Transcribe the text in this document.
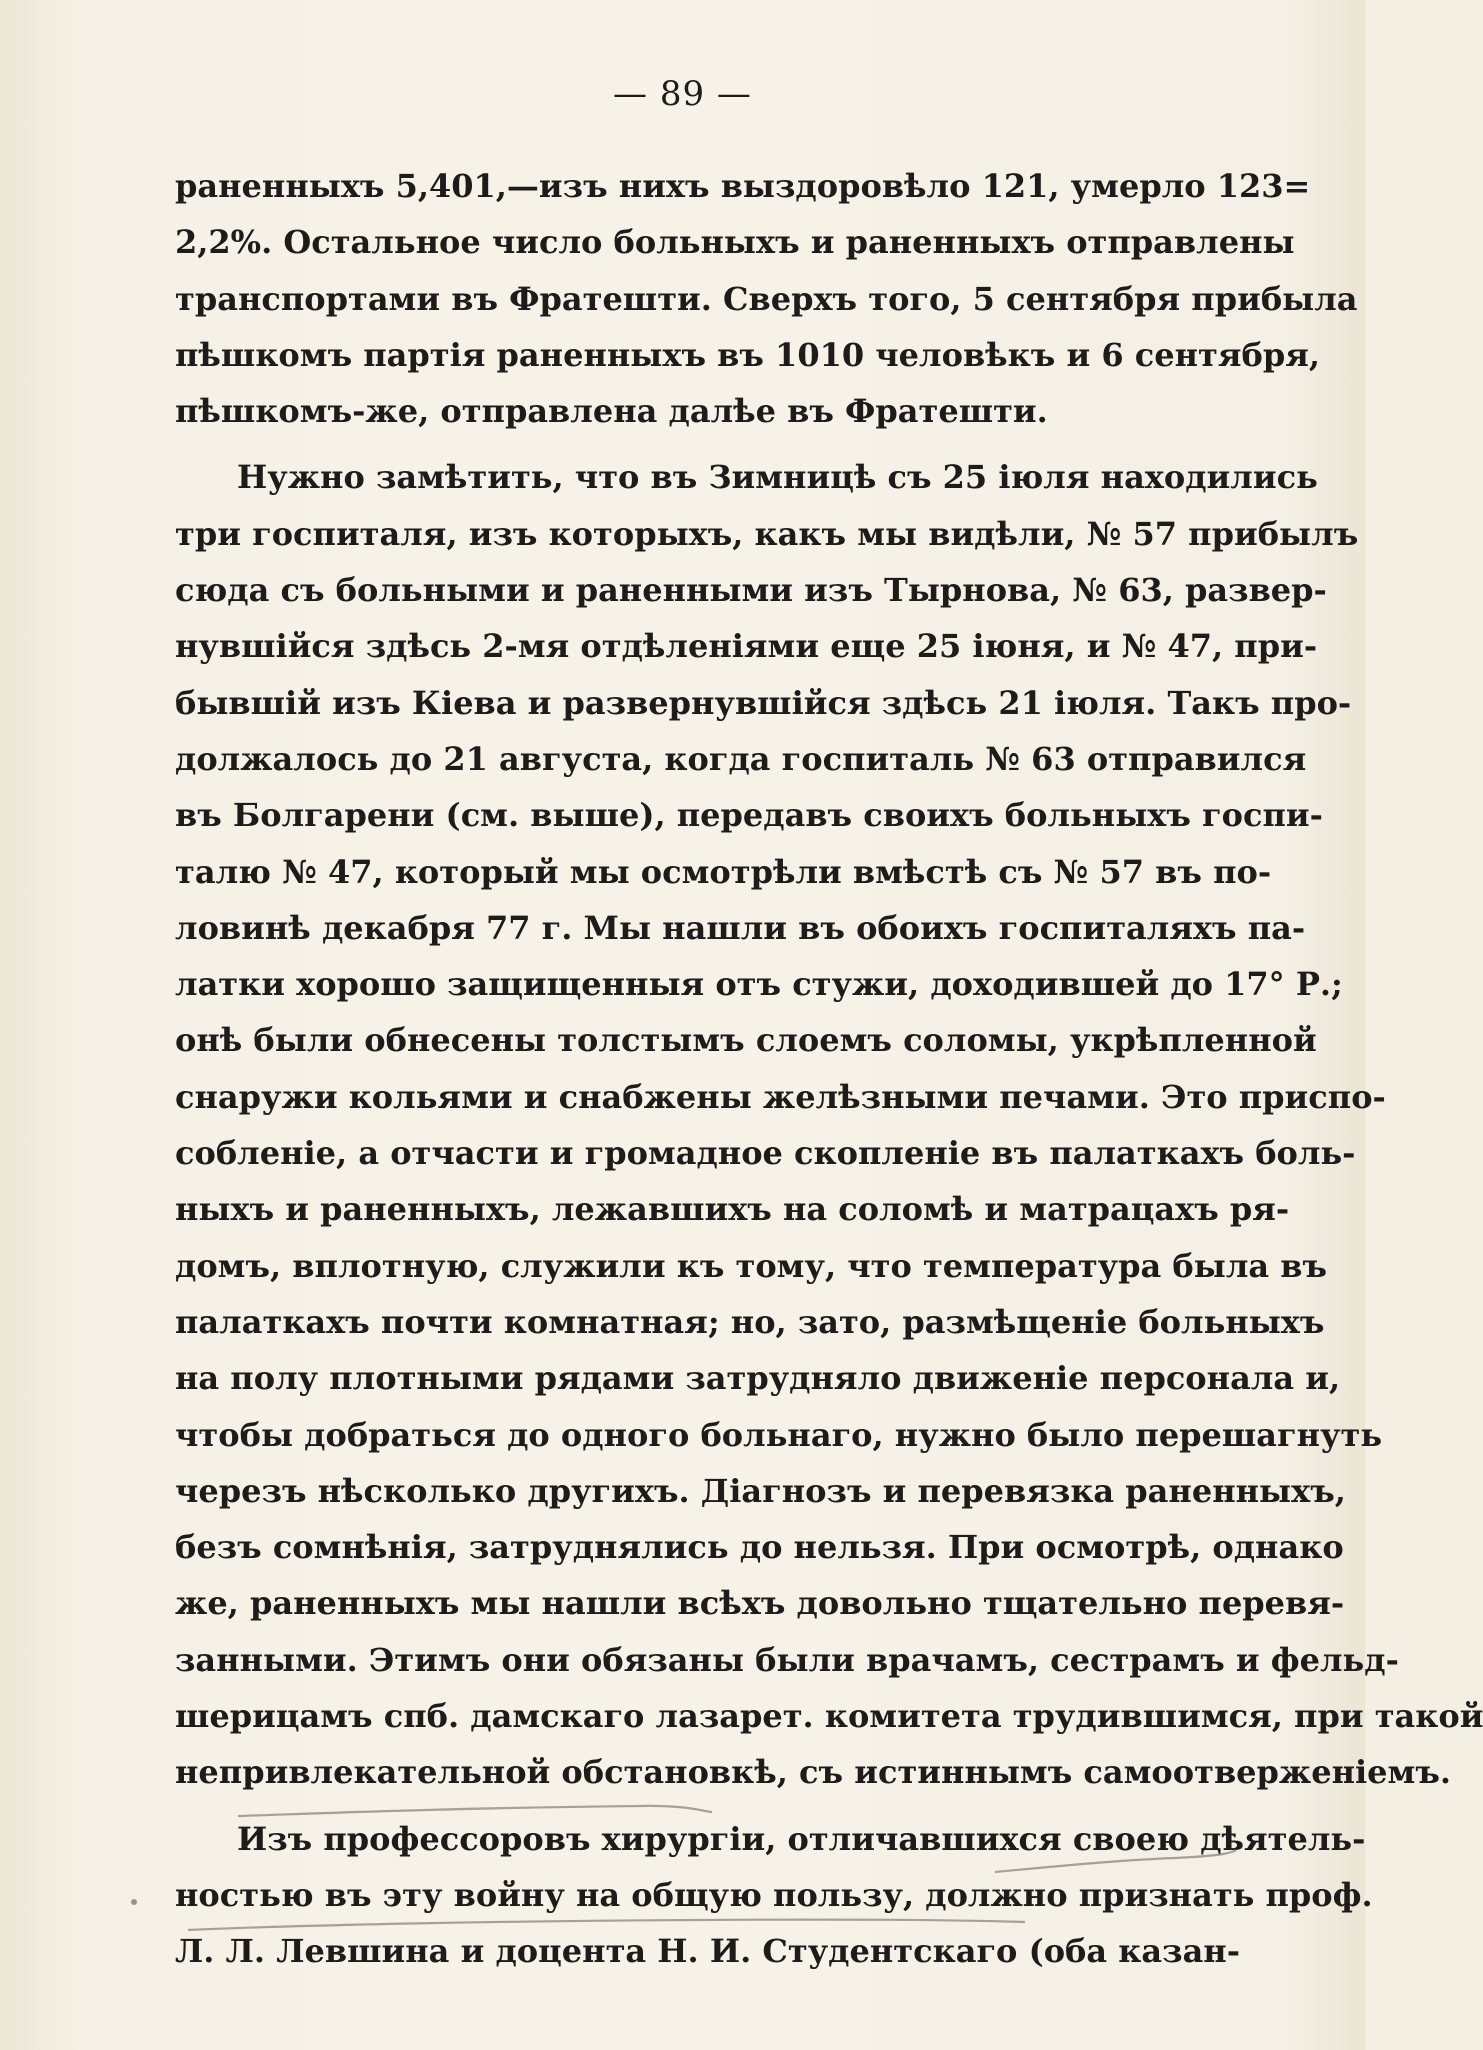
— 89 —
раненныхъ 5,401,—изъ нихъ выздоровѣло 121, умерло 123=
2,2%. Остальное число больныхъ и раненныхъ отправлены
транспортами въ Фратешти. Сверхъ того, 5 сентября прибыла
пѣшкомъ партія раненныхъ въ 1010 человѣкъ и 6 сентября,
пѣшкомъ-же, отправлена далѣе въ Фратешти.
Нужно замѣтить, что въ Зимницѣ съ 25 іюля находились
три госпиталя, изъ которыхъ, какъ мы видѣли, № 57 прибылъ
сюда съ больными и раненными изъ Тырнова, № 63, развер-
нувшійся здѣсь 2-мя отдѣленіями еще 25 іюня, и № 47, при-
бывшій изъ Кіева и развернувшійся здѣсь 21 іюля. Такъ про-
должалось до 21 августа, когда госпиталь № 63 отправился
въ Болгарени (см. выше), передавъ своихъ больныхъ госпи-
талю № 47, который мы осмотрѣли вмѣстѣ съ № 57 въ по-
ловинѣ декабря 77 г. Мы нашли въ обоихъ госпиталяхъ па-
латки хорошо защищенныя отъ стужи, доходившей до 17° Р.;
онѣ были обнесены толстымъ слоемъ соломы, укрѣпленной
снаружи кольями и снабжены желѣзными печами. Это приспо-
собленіе, а отчасти и громадное скопленіе въ палаткахъ боль-
ныхъ и раненныхъ, лежавшихъ на соломѣ и матрацахъ ря-
домъ, вплотную, служили къ тому, что температура была въ
палаткахъ почти комнатная; но, зато, размѣщеніе больныхъ
на полу плотными рядами затрудняло движеніе персонала и,
чтобы добраться до одного больнаго, нужно было перешагнуть
черезъ нѣсколько другихъ. Діагнозъ и перевязка раненныхъ,
безъ сомнѣнія, затруднялись до нельзя. При осмотрѣ, однако
же, раненныхъ мы нашли всѣхъ довольно тщательно перевя-
занными. Этимъ они обязаны были врачамъ, сестрамъ и фельд-
шерицамъ спб. дамскаго лазарет. комитета трудившимся, при такой
непривлекательной обстановкѣ, съ истиннымъ самоотверженіемъ.
Изъ профессоровъ хирургіи, отличавшихся своею дѣятель-
ностью въ эту войну на общую пользу, должно признать проф.
Л. Л. Левшина и доцента Н. И. Студентскаго (оба казан-
